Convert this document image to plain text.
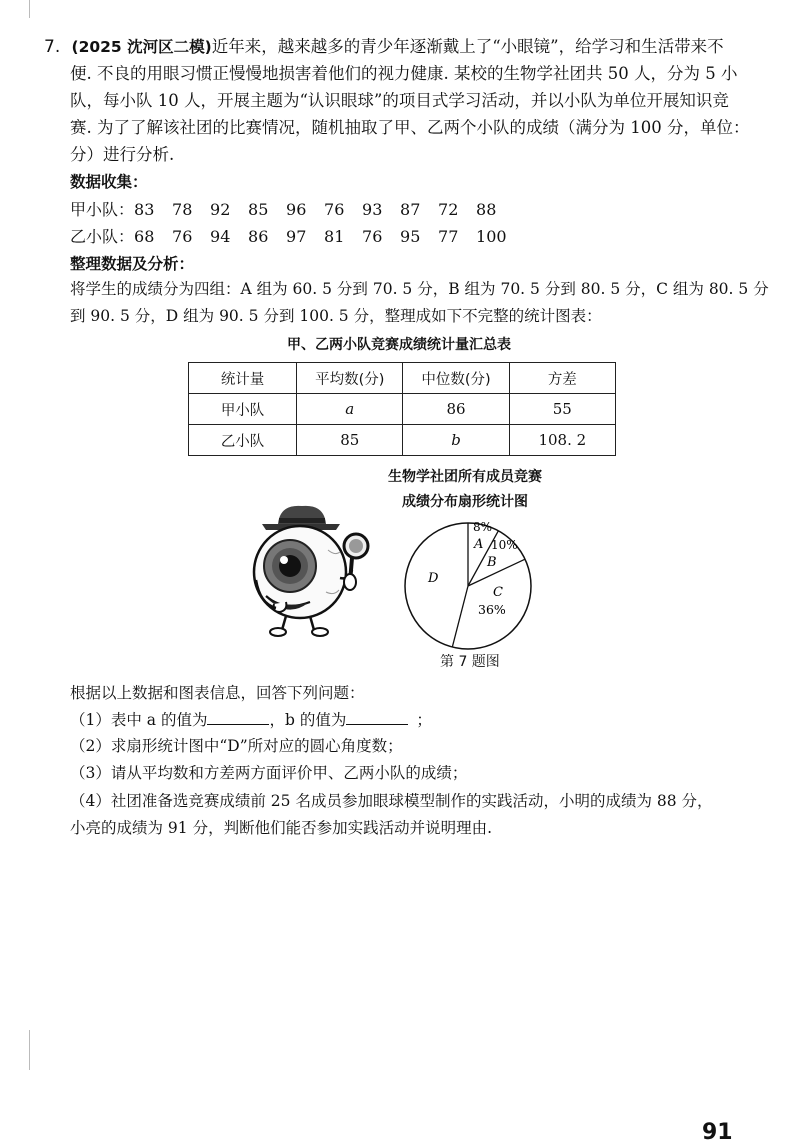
7. (2025 沈河区二模)近年来，越来越多的青少年逐渐戴上了“小眼镜”，给学习和生活带来不
便. 不良的用眼习惯正慢慢地损害着他们的视力健康. 某校的生物学社团共 50 人，分为 5 小
队，每小队 10 人，开展主题为“认识眼球”的项目式学习活动，并以小队为单位开展知识竞
赛. 为了了解该社团的比赛情况，随机抽取了甲、乙两个小队的成绩（满分为 100 分，单位：
分）进行分析.
数据收集：
甲小队：83 78 92 85 96 76 93 87 72 88
乙小队：68 76 94 86 97 81 76 95 77 100
整理数据及分析：
将学生的成绩分为四组：A 组为 60. 5 分到 70. 5 分，B 组为 70. 5 分到 80. 5 分，C 组为 80. 5 分
到 90. 5 分，D 组为 90. 5 分到 100. 5 分，整理成如下不完整的统计图表：
甲、乙两小队竞赛成绩统计量汇总表
统计量	平均数(分)	中位数(分)	方差
甲小队	a	86	55
乙小队	85	b	108. 2
生物学社团所有成员竞赛
成绩分布扇形统计图
8%
A 10%
B
C
36%
D
第 7 题图
根据以上数据和图表信息，回答下列问题：
（1）表中 a 的值为	，b 的值为	；
（2）求扇形统计图中“D”所对应的圆心角度数；
（3）请从平均数和方差两方面评价甲、乙两小队的成绩；
（4）社团准备选竞赛成绩前 25 名成员参加眼球模型制作的实践活动，小明的成绩为 88 分，
小亮的成绩为 91 分，判断他们能否参加实践活动并说明理由.
91
